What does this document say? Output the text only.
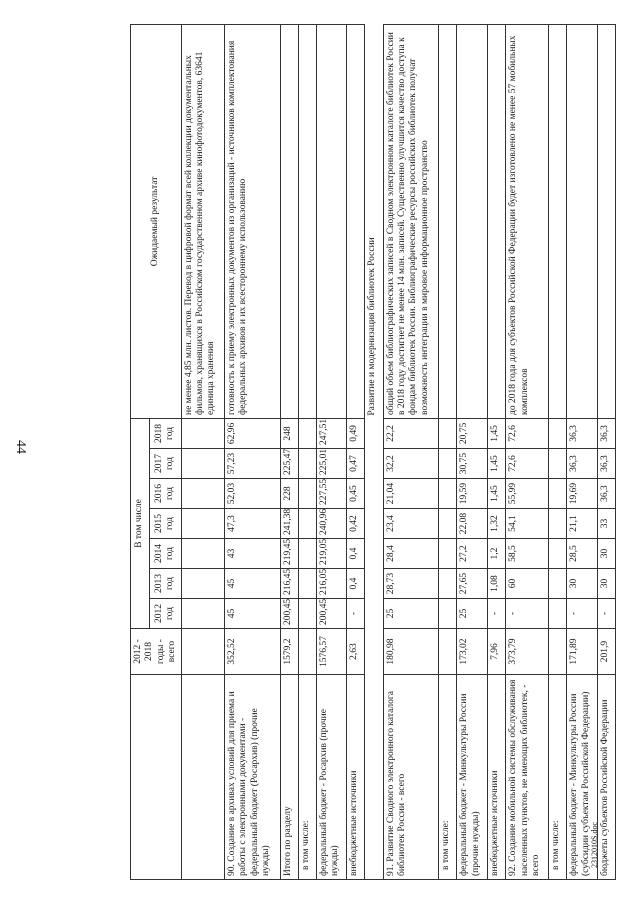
44
2312010S.doc
	2012 - 2018 годы - всего	В том числе							Ожидаемый результат
		2012 год	2013 год	2014 год	2015 год	2016 год	2017 год	2018 год	
									не менее 4,85 млн. листов. Перевод в цифровой формат всей коллекции документальных фильмов, хранящихся в Российском государственном архиве кинофотодокументов, 63641 единица хранения
90. Создание в архивах условий для приема и работы с электронными документами - федеральный бюджет (Росархив) (прочие нужды)	352,52	45	45	43	47,3	52,03	57,23	62,96	готовность к приему электронных документов из организаций - источников комплектования федеральных архивов и их всестороннему использованию
Итого по разделу	1579,2	200,45	216,45	219,45	241,38	228	225,47	248	
в том числе:									
федеральный бюджет - Росархив (прочие нужды)	1576,57	200,45	216,05	219,05	240,96	227,55	225,01	247,51	
внебюджетные источники	2,63	-	0,4	0,4	0,42	0,45	0,47	0,49	
		Развитие и модернизация библиотек России							
91. Развитие Сводного электронного каталога библиотек России - всего	180,98	25	28,73	28,4	23,4	21,04	32,2	22,2	общий объем библиографических записей в Сводном электронном каталоге библиотек России в 2018 году достигнет не менее 14 млн. записей. Существенно улучшится качество доступа к фондам библиотек России. Библиографические ресурсы российских библиотек получат возможность интеграции в мировое информационное пространство
в том числе:									
федеральный бюджет - Минкультуры России (прочие нужды)	173,02	25	27,65	27,2	22,08	19,59	30,75	20,75	
внебюджетные источники	7,96	-	1,08	1,2	1,32	1,45	1,45	1,45	
92. Создание мобильной системы обслуживания населенных пунктов, не имеющих библиотек, - всего	373,79	-	60	58,5	54,1	55,99	72,6	72,6	до 2018 года для субъектов Российской Федерации будет изготовлено не менее 57 мобильных комплексов
в том числе:									
федеральный бюджет - Минкультуры России (субсидии субъектам Российской Федерации)	171,89	-	30	28,5	21,1	19,69	36,3	36,3	
бюджеты субъектов Российской Федерации	201,9	-	30	30	33	36,3	36,3	36,3	
